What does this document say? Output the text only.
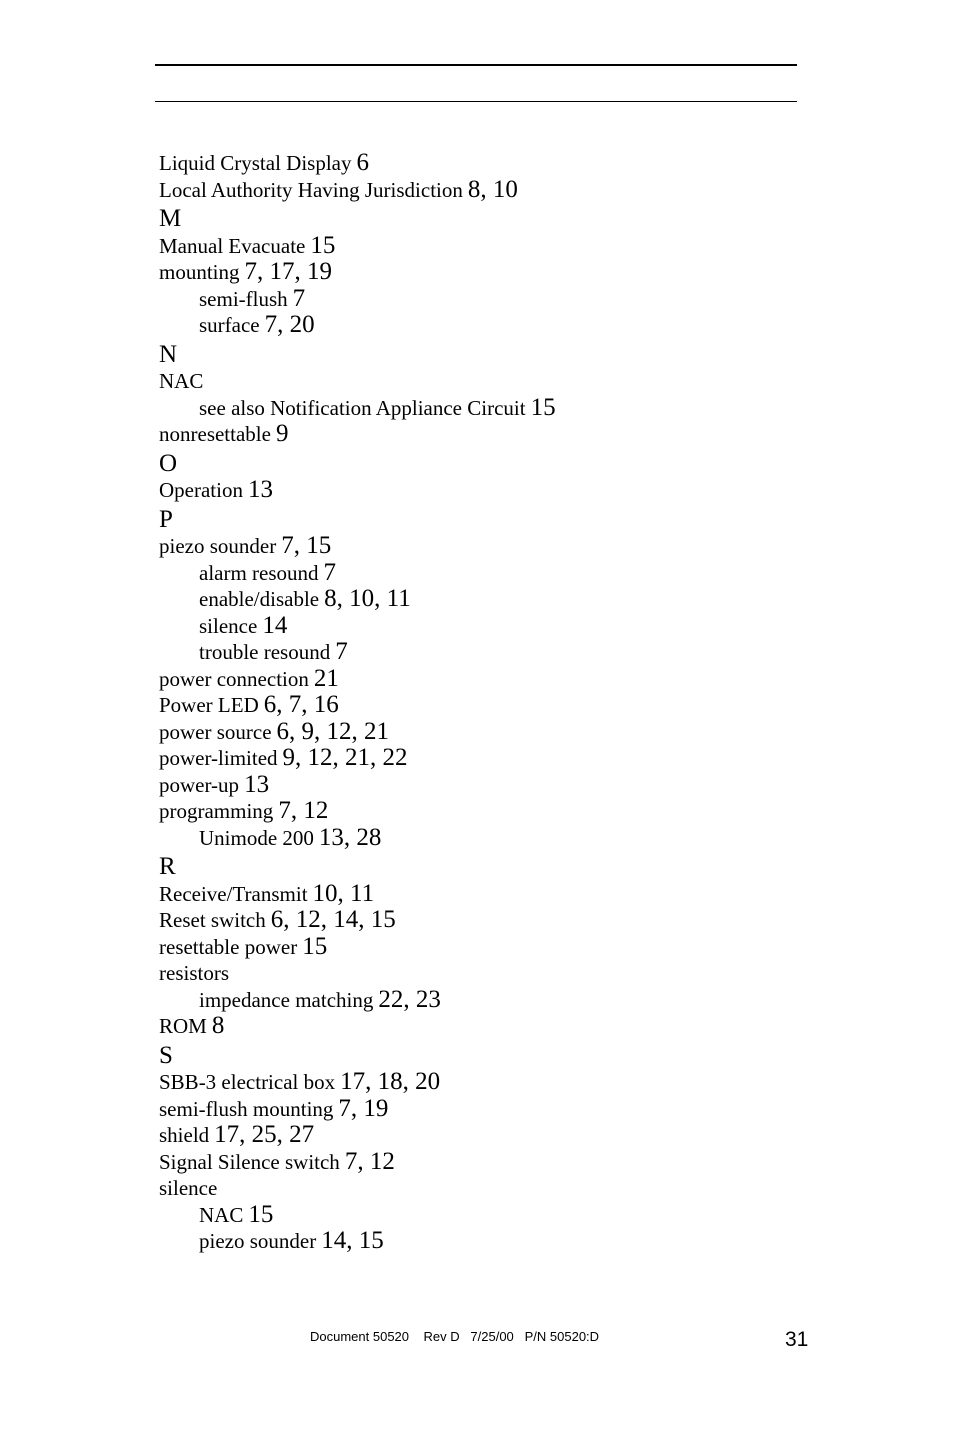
Liquid Crystal Display 6
Local Authority Having Jurisdiction 8, 10
M
Manual Evacuate 15
mounting 7, 17, 19
semi-flush 7
surface 7, 20
N
NAC
see also Notification Appliance Circuit 15
nonresettable 9
O
Operation 13
P
piezo sounder 7, 15
alarm resound 7
enable/disable 8, 10, 11
silence 14
trouble resound 7
power connection 21
Power LED 6, 7, 16
power source 6, 9, 12, 21
power-limited 9, 12, 21, 22
power-up 13
programming 7, 12
Unimode 200 13, 28
R
Receive/Transmit 10, 11
Reset switch 6, 12, 14, 15
resettable power 15
resistors
impedance matching 22, 23
ROM 8
S
SBB-3 electrical box 17, 18, 20
semi-flush mounting 7, 19
shield 17, 25, 27
Signal Silence switch 7, 12
silence
NAC 15
piezo sounder 14, 15
Document 50520    Rev D   7/25/00   P/N 50520:D	31
